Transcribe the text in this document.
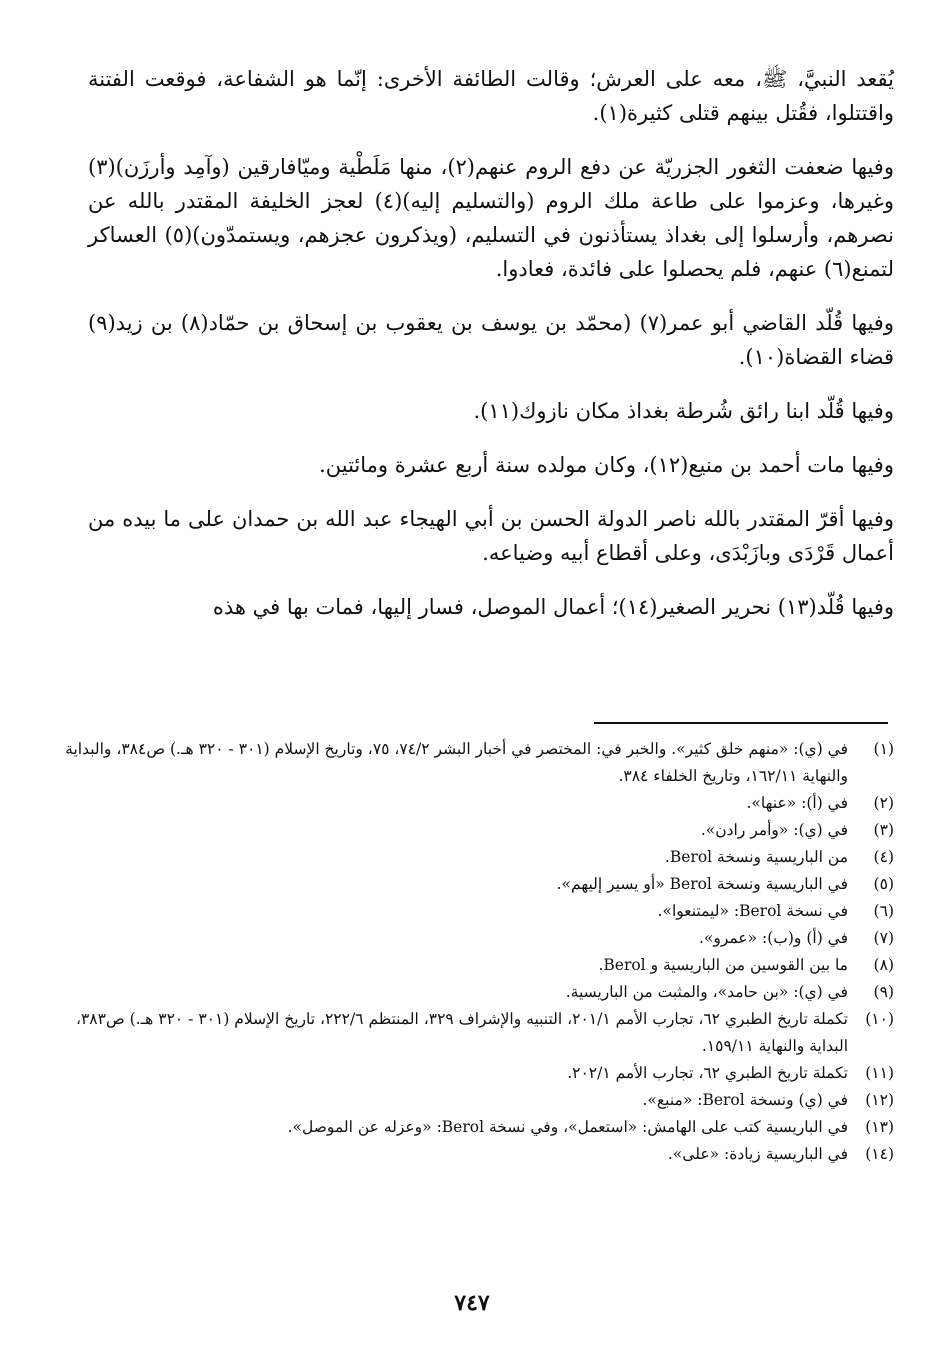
يُقعد النبيَّ، ﷺ، معه على العرش؛ وقالت الطائفة الأخرى: إنّما هو الشفاعة، فوقعت الفتنة واقتتلوا، فقُتل بينهم قتلى كثيرة(١).

وفيها ضعفت الثغور الجزريّة عن دفع الروم عنهم(٢)، منها مَلَطْية وميّافارقين (وآمِد وأرزَن)(٣) وغيرها، وعزموا على طاعة ملك الروم (والتسليم إليه)(٤) لعجز الخليفة المقتدر بالله عن نصرهم، وأرسلوا إلى بغداذ يستأذنون في التسليم، (ويذكرون عجزهم، ويستمدّون)(٥) العساكر لتمنع(٦) عنهم، فلم يحصلوا على فائدة، فعادوا.

وفيها قُلّد القاضي أبو عمر(٧) (محمّد بن يوسف بن يعقوب بن إسحاق بن حمّاد(٨) بن زيد(٩) قضاء القضاة(١٠).

وفيها قُلّد ابنا رائق شُرطة بغداذ مكان نازوك(١١).

وفيها مات أحمد بن منيع(١٢)، وكان مولده سنة أربع عشرة ومائتين.

وفيها أقرّ المقتدر بالله ناصر الدولة الحسن بن أبي الهيجاء عبد الله بن حمدان على ما بيده من أعمال قَرْدَى وبازَبْدَى، وعلى أقطاع أبيه وضياعه.

وفيها قُلّد(١٣) نحرير الصغير(١٤)؛ أعمال الموصل، فسار إليها، فمات بها في هذه

(١)
في (ي): «منهم خلق كثير». والخبر في: المختصر في أخبار البشر ٧٤/٢، ٧٥، وتاريخ الإسلام (٣٠١ - ٣٢٠ هـ.) ص٣٨٤، والبداية والنهاية ١٦٢/١١، وتاريخ الخلفاء ٣٨٤.

(٢)
في (أ): «عنها».

(٣)
في (ي): «وأمر رادن».

(٤)
من الباريسية ونسخة Berol.

(٥)
في الباريسية ونسخة Berol «أو يسير إليهم».

(٦)
في نسخة Berol: «ليمتنعوا».

(٧)
في (أ) و(ب): «عمرو».

(٨)
ما بين القوسين من الباريسية و Berol.

(٩)
في (ي): «بن حامد»، والمثبت من الباريسية.

(١٠)
تكملة تاريخ الطبري ٦٢، تجارب الأمم ٢٠١/١، التنبيه والإشراف ٣٢٩، المنتظم ٢٢٢/٦، تاريخ الإسلام (٣٠١ - ٣٢٠ هـ.) ص٣٨٣، البداية والنهاية ١٥٩/١١.

(١١)
تكملة تاريخ الطبري ٦٢، تجارب الأمم ٢٠٢/١.

(١٢)
في (ي) ونسخة Berol: «منبع».

(١٣)
في الباريسية كتب على الهامش: «استعمل»، وفي نسخة Berol: «وعزله عن الموصل».

(١٤)
في الباريسية زيادة: «على».

٧٤٧
